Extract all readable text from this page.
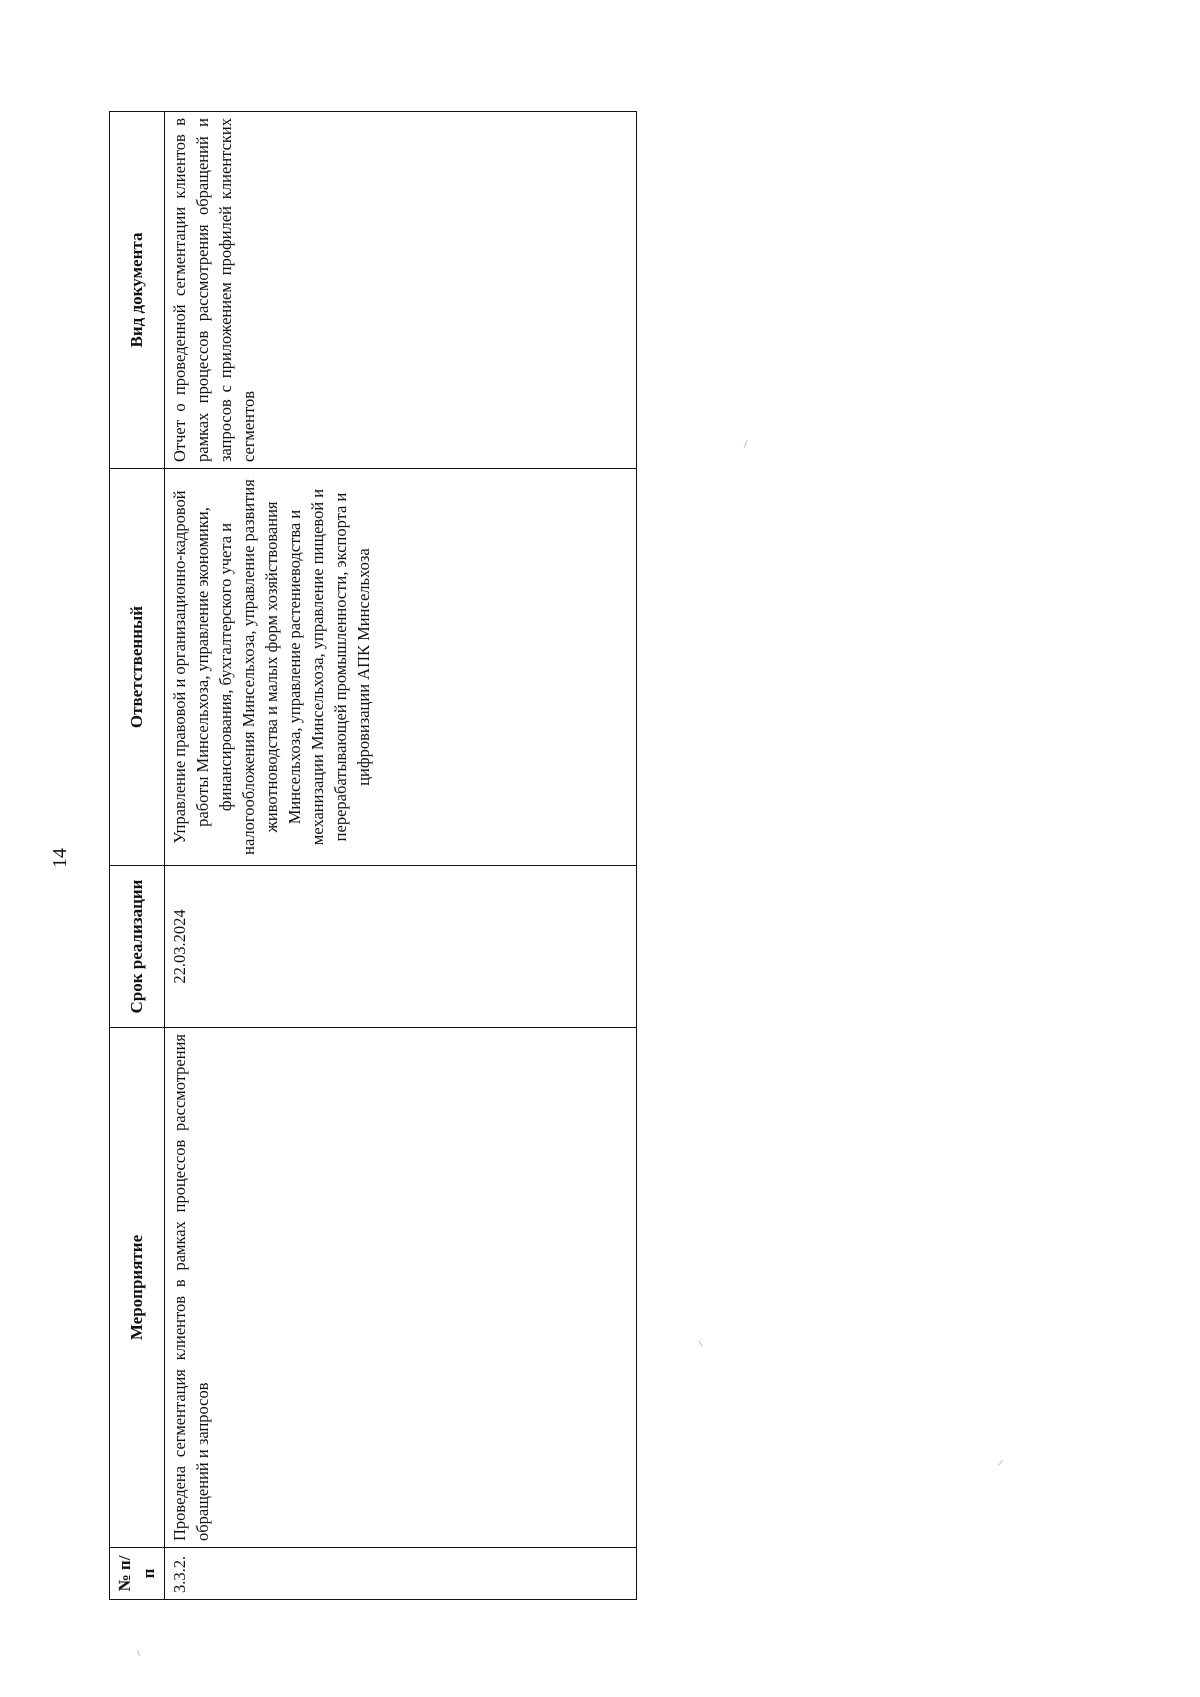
14
№ п/п	Мероприятие	Срок реализации	Ответственный	Вид документа
3.3.2.	Проведена сегментация клиентов в рамках процессов рассмотрения обращений и запросов	22.03.2024	Управление правовой и организационно-кадровой работы Минсельхоза, управление экономики, финансирования, бухгалтерского учета и налогообложения Минсельхоза, управление развития животноводства и малых форм хозяйствования Минсельхоза, управление растениеводства и механизации Минсельхоза, управление пищевой и перерабатывающей промышленности, экспорта и цифровизации АПК Минсельхоза	Отчет о проведенной сегментации клиентов в рамках процессов рассмотрения обращений и запросов с приложением профилей клиентских сегментов
